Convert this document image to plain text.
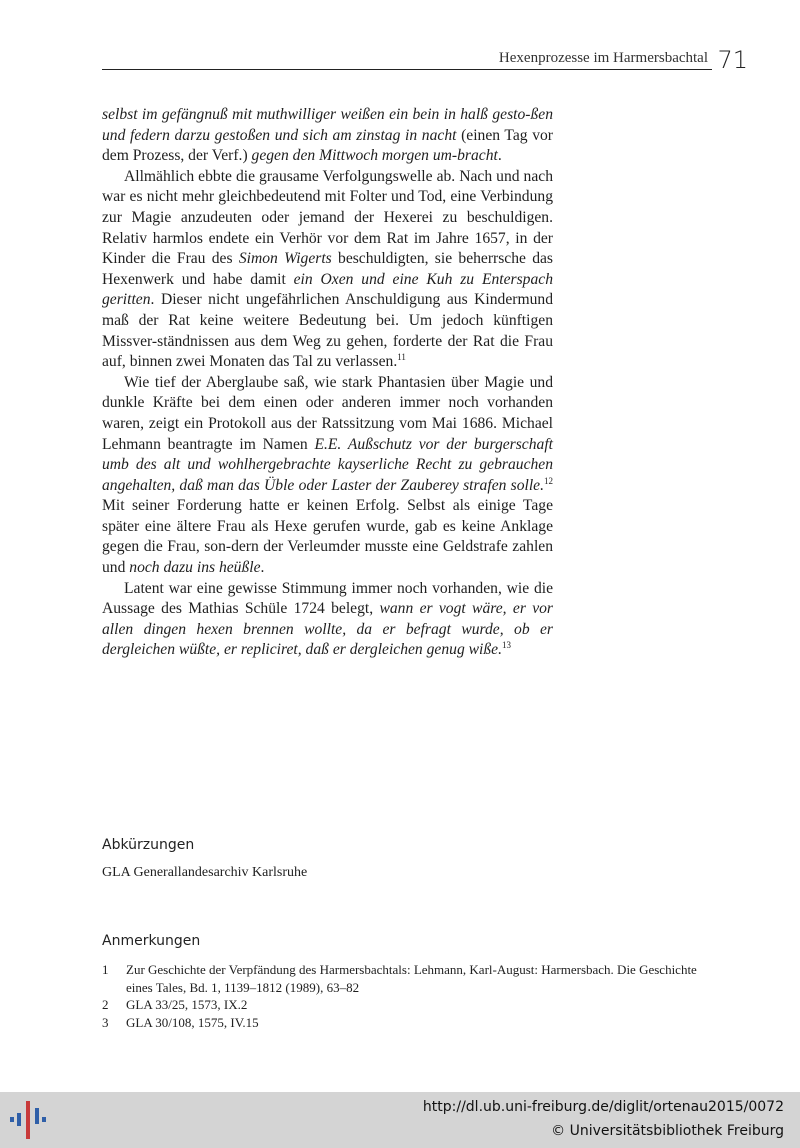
Hexenprozesse im Harmersbachtal 71

selbst im gefängnuß mit muthwilliger weißen ein bein in halß gesto-ßen und federn darzu gestoßen und sich am zinstag in nacht (einen Tag vor dem Prozess, der Verf.) gegen den Mittwoch morgen um-bracht.

Allmählich ebbte die grausame Verfolgungswelle ab. Nach und nach war es nicht mehr gleichbedeutend mit Folter und Tod, eine Verbindung zur Magie anzudeuten oder jemand der Hexerei zu beschuldigen. Relativ harmlos endete ein Verhör vor dem Rat im Jahre 1657, in der Kinder die Frau des Simon Wigerts beschuldigten, sie beherrsche das Hexenwerk und habe damit ein Oxen und eine Kuh zu Enterspach geritten. Dieser nicht ungefährlichen Anschuldigung aus Kindermund maß der Rat keine weitere Bedeutung bei. Um jedoch künftigen Missver-ständnissen aus dem Weg zu gehen, forderte der Rat die Frau auf, binnen zwei Monaten das Tal zu verlassen.$^{11}$

Wie tief der Aberglaube saß, wie stark Phantasien über Magie und dunkle Kräfte bei dem einen oder anderen immer noch vorhanden waren, zeigt ein Protokoll aus der Ratssitzung vom Mai 1686. Michael Lehmann beantragte im Namen E.E. Außschutz vor der burgerschaft umb des alt und wohlhergebrachte kayserliche Recht zu gebrauchen angehalten, daß man das Üble oder Laster der Zauberey strafen solle.$^{12}$ Mit seiner Forderung hatte er keinen Erfolg. Selbst als einige Tage später eine ältere Frau als Hexe gerufen wurde, gab es keine Anklage gegen die Frau, son-dern der Verleumder musste eine Geldstrafe zahlen und noch dazu ins heüßle.

Latent war eine gewisse Stimmung immer noch vorhanden, wie die Aussage des Mathias Schüle 1724 belegt, wann er vogt wäre, er vor allen dingen hexen brennen wollte, da er befragt wurde, ob er dergleichen wüßte, er repliciret, daß er dergleichen genug wiße.$^{13}$

Abkürzungen
GLA Generallandesarchiv Karlsruhe
Anmerkungen
1	Zur Geschichte der Verpfändung des Harmersbachtals: Lehmann, Karl-August: Harmersbach. Die Geschichte eines Tales, Bd. 1, 1139–1812 (1989), 63–82
2	GLA 33/25, 1573, IX.2
3	GLA 30/108, 1575, IV.15
http://dl.ub.uni-freiburg.de/diglit/ortenau2015/0072
© Universitätsbibliothek Freiburg
